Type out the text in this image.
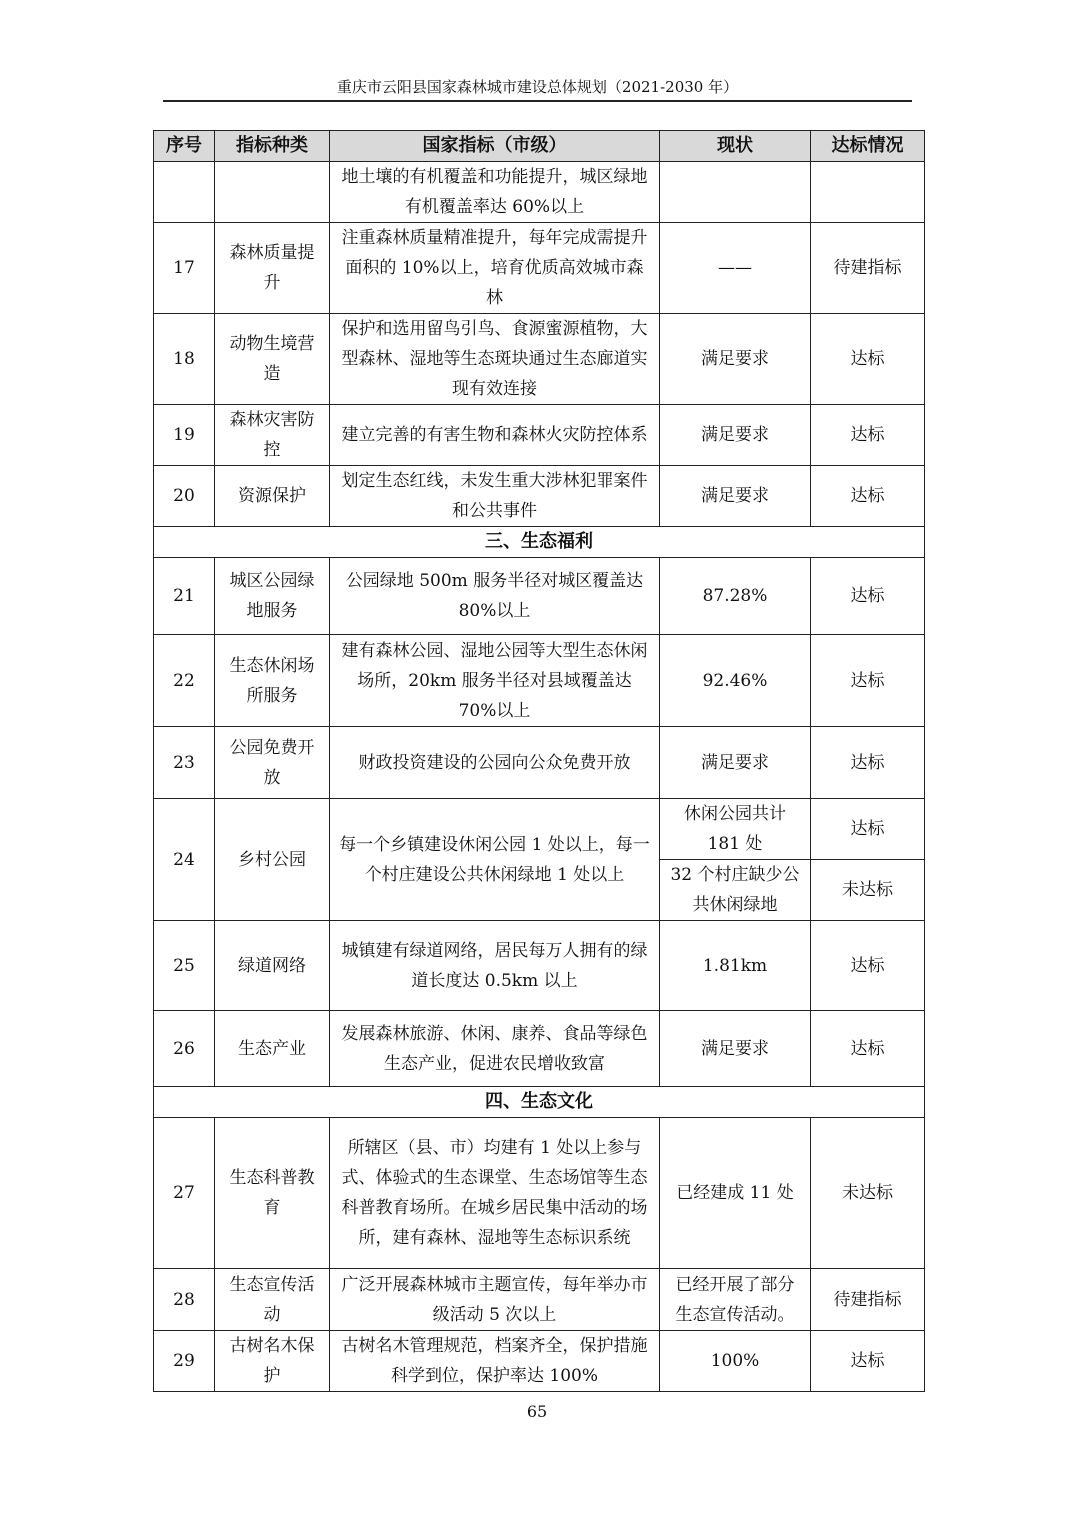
重庆市云阳县国家森林城市建设总体规划（2021-2030 年）
序号	指标种类	国家指标（市级）	现状	达标情况
		地土壤的有机覆盖和功能提升，城区绿地有机覆盖率达 60%以上		
17	森林质量提升	注重森林质量精准提升，每年完成需提升面积的 10%以上，培育优质高效城市森林	——	待建指标
18	动物生境营造	保护和选用留鸟引鸟、食源蜜源植物，大型森林、湿地等生态斑块通过生态廊道实现有效连接	满足要求	达标
19	森林灾害防控	建立完善的有害生物和森林火灾防控体系	满足要求	达标
20	资源保护	划定生态红线，未发生重大涉林犯罪案件和公共事件	满足要求	达标
三、生态福利				
21	城区公园绿地服务	公园绿地 500m 服务半径对城区覆盖达 80%以上	87.28%	达标
22	生态休闲场所服务	建有森林公园、湿地公园等大型生态休闲场所，20km 服务半径对县域覆盖达 70%以上	92.46%	达标
23	公园免费开放	财政投资建设的公园向公众免费开放	满足要求	达标
24	乡村公园	每一个乡镇建设休闲公园 1 处以上，每一个村庄建设公共休闲绿地 1 处以上	休闲公园共计 181 处	达标
			32 个村庄缺少公共休闲绿地	未达标
25	绿道网络	城镇建有绿道网络，居民每万人拥有的绿道长度达 0.5km 以上	1.81km	达标
26	生态产业	发展森林旅游、休闲、康养、食品等绿色生态产业，促进农民增收致富	满足要求	达标
四、生态文化				
27	生态科普教育	所辖区（县、市）均建有 1 处以上参与式、体验式的生态课堂、生态场馆等生态科普教育场所。在城乡居民集中活动的场所，建有森林、湿地等生态标识系统	已经建成 11 处	未达标
28	生态宣传活动	广泛开展森林城市主题宣传，每年举办市级活动 5 次以上	已经开展了部分生态宣传活动。	待建指标
29	古树名木保护	古树名木管理规范，档案齐全，保护措施科学到位，保护率达 100%	100%	达标
65
